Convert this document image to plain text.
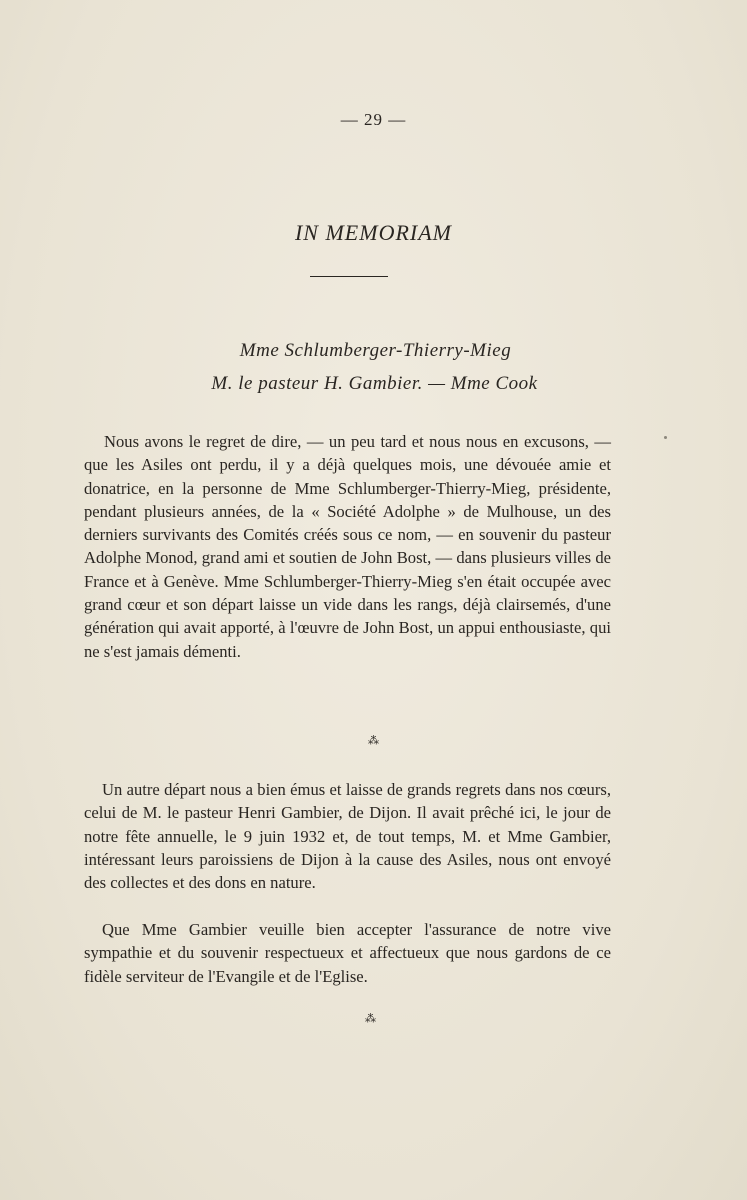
— 29 —
IN MEMORIAM
Mme Schlumberger-Thierry-Mieg
M. le pasteur H. Gambier. — Mme Cook
Nous avons le regret de dire, — un peu tard et nous nous en excusons, — que les Asiles ont perdu, il y a déjà quelques mois, une dévouée amie et donatrice, en la personne de Mme Schlumberger-Thierry-Mieg, présidente, pendant plusieurs années, de la « Société Adolphe » de Mulhouse, un des derniers survivants des Comités créés sous ce nom, — en souvenir du pasteur Adolphe Monod, grand ami et soutien de John Bost, — dans plusieurs villes de France et à Genève. Mme Schlumberger-Thierry-Mieg s'en était occupée avec grand cœur et son départ laisse un vide dans les rangs, déjà clairsemés, d'une génération qui avait apporté, à l'œuvre de John Bost, un appui enthousiaste, qui ne s'est jamais démenti.
⁂
Un autre départ nous a bien émus et laisse de grands regrets dans nos cœurs, celui de M. le pasteur Henri Gambier, de Dijon. Il avait prêché ici, le jour de notre fête annuelle, le 9 juin 1932 et, de tout temps, M. et Mme Gambier, intéressant leurs paroissiens de Dijon à la cause des Asiles, nous ont envoyé des collectes et des dons en nature.
Que Mme Gambier veuille bien accepter l'assurance de notre vive sympathie et du souvenir respectueux et affectueux que nous gardons de ce fidèle serviteur de l'Evangile et de l'Eglise.
⁂
